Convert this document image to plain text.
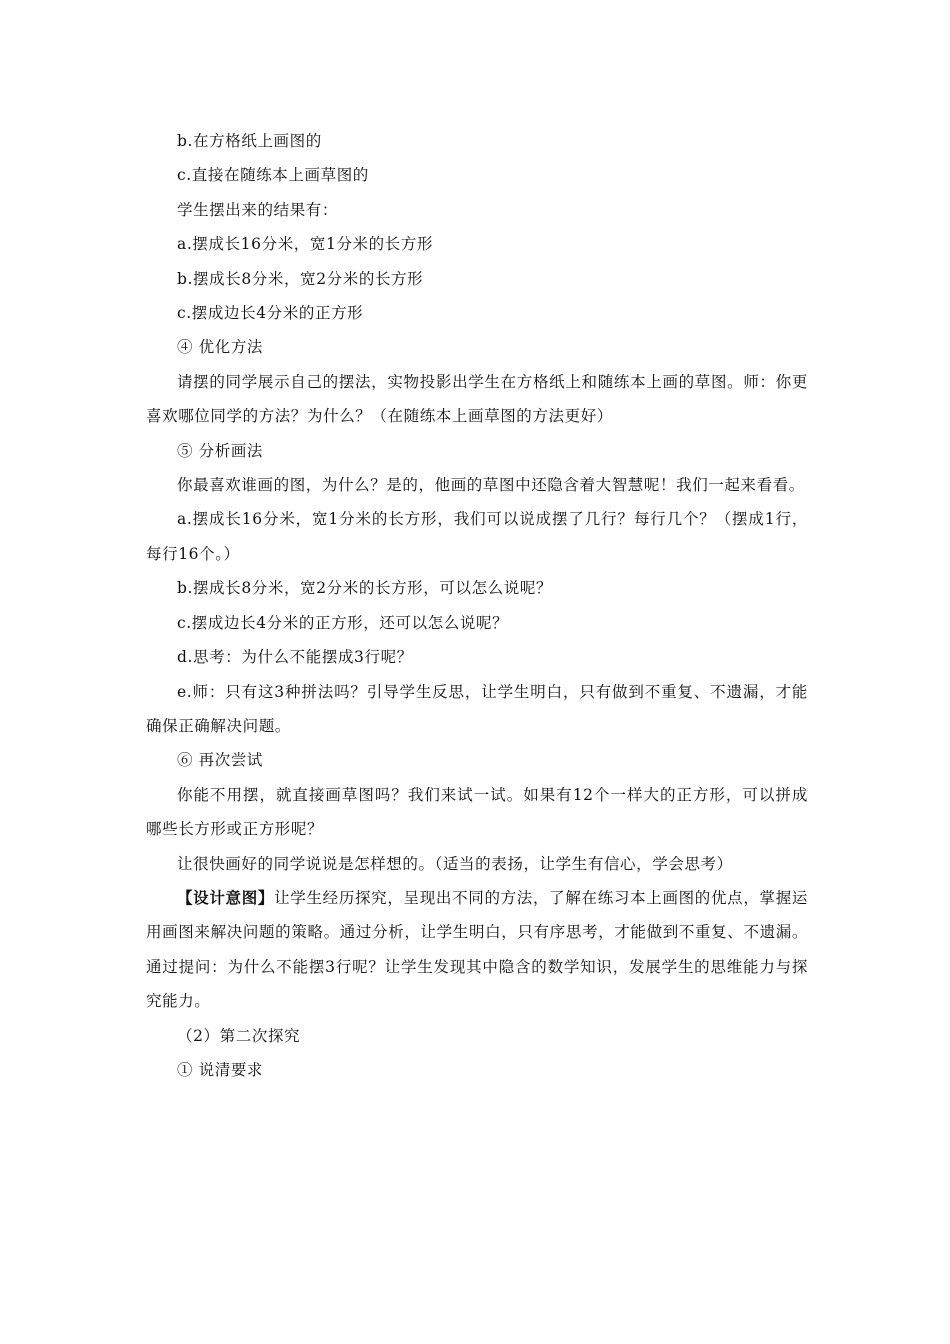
b.在方格纸上画图的

c.直接在随练本上画草图的

学生摆出来的结果有：

a.摆成长16分米，宽1分米的长方形

b.摆成长8分米，宽2分米的长方形

c.摆成边长4分米的正方形

④ 优化方法

请摆的同学展示自己的摆法，实物投影出学生在方格纸上和随练本上画的草图。师：你更喜欢哪位同学的方法？为什么？（在随练本上画草图的方法更好）

⑤ 分析画法

你最喜欢谁画的图，为什么？是的，他画的草图中还隐含着大智慧呢！我们一起来看看。

a.摆成长16分米，宽1分米的长方形，我们可以说成摆了几行？每行几个？（摆成1行，每行16个。）

b.摆成长8分米，宽2分米的长方形，可以怎么说呢？

c.摆成边长4分米的正方形，还可以怎么说呢？

d.思考：为什么不能摆成3行呢？

e.师：只有这3种拼法吗？引导学生反思，让学生明白，只有做到不重复、不遗漏，才能确保正确解决问题。

⑥ 再次尝试

你能不用摆，就直接画草图吗？我们来试一试。如果有12个一样大的正方形，可以拼成哪些长方形或正方形呢？

让很快画好的同学说说是怎样想的。（适当的表扬，让学生有信心，学会思考）

【设计意图】让学生经历探究，呈现出不同的方法，了解在练习本上画图的优点，掌握运用画图来解决问题的策略。通过分析，让学生明白，只有序思考，才能做到不重复、不遗漏。通过提问：为什么不能摆3行呢？让学生发现其中隐含的数学知识，发展学生的思维能力与探究能力。

（2）第二次探究

① 说清要求
